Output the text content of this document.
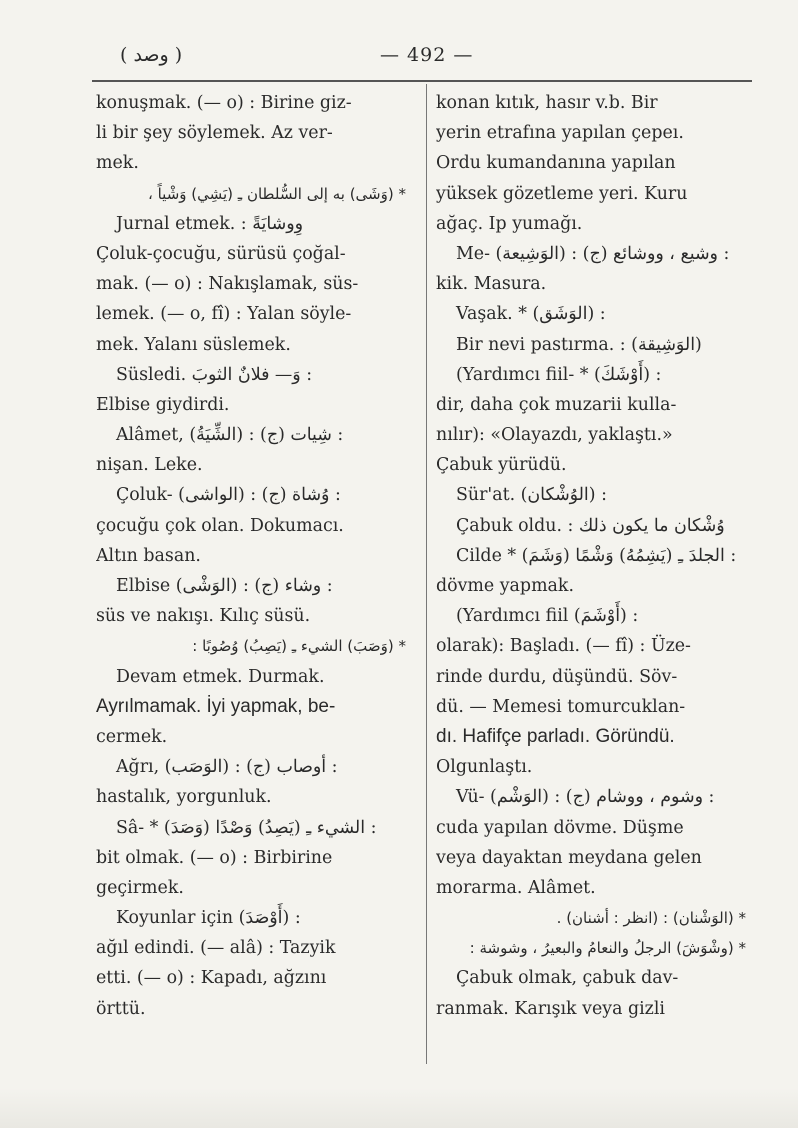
( وصد )	— 492 —
konuşmak. (— o) : Birine giz-
li bir şey söylemek. Az ver-
mek.
* (وَشَى) به إلى السُّلطان ـِ (يَشِي) وَشْياً ،
Jurnal etmek. : وِوشايَةً
Çoluk-çocuğu, sürüsü çoğal-
mak. (— o) : Nakışlamak, süs-
lemek. (— o, fî) : Yalan söyle-
mek. Yalanı süslemek.
Süsledi. وَ— فلانٌ الثوبَ :
Elbise giydirdi.
Alâmet, (الشِّيَةُ) : (ج) شِيات :
nişan. Leke.
Çoluk- (الواشى) : (ج) وُشاة :
çocuğu çok olan. Dokumacı.
Altın basan.
Elbise (الوَشْى) : (ج) وشاء :
süs ve nakışı. Kılıç süsü.
* (وَصَبَ) الشيء ـِ (يَصِبُ) وُصُوبًا :
Devam etmek. Durmak.
Ayrılmamak. İyi yapmak, be-
cermek.
Ağrı, (الوَصَب) : (ج) أوصاب :
hastalık, yorgunluk.
Sâ- * (وَصَدَ) الشيء ـِ (يَصِدُ) وَصْدًا :
bit olmak. (— o) : Birbirine
geçirmek.
Koyunlar için (أَوْصَدَ) :
ağıl edindi. (— alâ) : Tazyik
etti. (— o) : Kapadı, ağzını
örttü.
konan kıtık, hasır v.b. Bir
yerin etrafına yapılan çepeı.
Ordu kumandanına yapılan
yüksek gözetleme yeri. Kuru
ağaç. Ip yumağı.
Me- (الوَشِيعة) : (ج) وشيع ، ووشائع :
kik. Masura.
Vaşak. * (الوَشَق) :
Bir nevi pastırma. : (الوَشِيقة)
(Yardımcı fiil- * (أَوْشَكَ) :
dir, daha çok muzarii kulla-
nılır): «Olayazdı, yaklaştı.»
Çabuk yürüdü.
Sür'at. (الوُشْكان) :
Çabuk oldu. : وُشْكان ما يكون ذلك
Cilde * (وَشَمَ) الجلدَ ـِ (يَشِمُهُ) وَشْمًا :
dövme yapmak.
(Yardımcı fiil (أَوْشَمَ) :
olarak): Başladı. (— fî) : Üze-
rinde durdu, düşündü. Söv-
dü. — Memesi tomurcuklan-
dı. Hafifçe parladı. Göründü.
Olgunlaştı.
Vü- (الوَشْم) : (ج) وشوم ، ووشام :
cuda yapılan dövme. Düşme
veya dayaktan meydana gelen
morarma. Alâmet.
* (الوَشْنان) : (انظر : أشنان) .
* (وشْوَشَ) الرجلُ والنعامُ والبعيرُ ، وشوشة :
Çabuk olmak, çabuk dav-
ranmak. Karışık veya gizli
